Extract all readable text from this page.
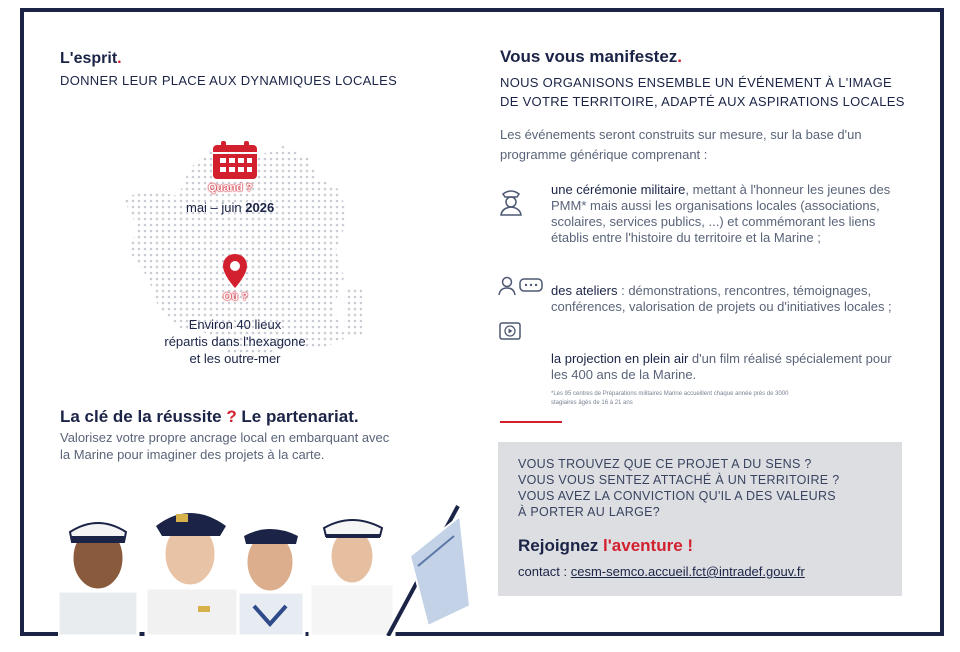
L'esprit.
DONNER LEUR PLACE AUX DYNAMIQUES LOCALES
Quand ?
mai – juin 2026
Où ?
Environ 40 lieux
répartis dans l'hexagone
et les outre-mer
La clé de la réussite ? Le partenariat.
Valorisez votre propre ancrage local en embarquant avec
la Marine pour imaginer des projets à la carte.
Vous vous manifestez.
NOUS ORGANISONS ENSEMBLE UN ÉVÉNEMENT À L'IMAGE
DE VOTRE TERRITOIRE, ADAPTÉ AUX ASPIRATIONS LOCALES
Les événements seront construits sur mesure, sur la base d'un
programme générique comprenant :
une cérémonie militaire, mettant à l'honneur les jeunes des PMM* mais aussi les organisations locales (associations, scolaires, services publics, ...) et commémorant les liens établis entre l'histoire du territoire et la Marine ;
des ateliers : démonstrations, rencontres, témoignages, conférences, valorisation de projets ou d'initiatives locales ;
la projection en plein air d'un film réalisé spécialement pour les 400 ans de la Marine.
*Les 95 centres de Préparations militaires Marine accueillent chaque année près de 3000
stagiaires âgés de 16 à 21 ans
VOUS TROUVEZ QUE CE PROJET A DU SENS ?
VOUS VOUS SENTEZ ATTACHÉ À UN TERRITOIRE ?
VOUS AVEZ LA CONVICTION QU'IL A DES VALEURS
À PORTER AU LARGE?
Rejoignez l'aventure !
contact : cesm-semco.accueil.fct@intradef.gouv.fr
